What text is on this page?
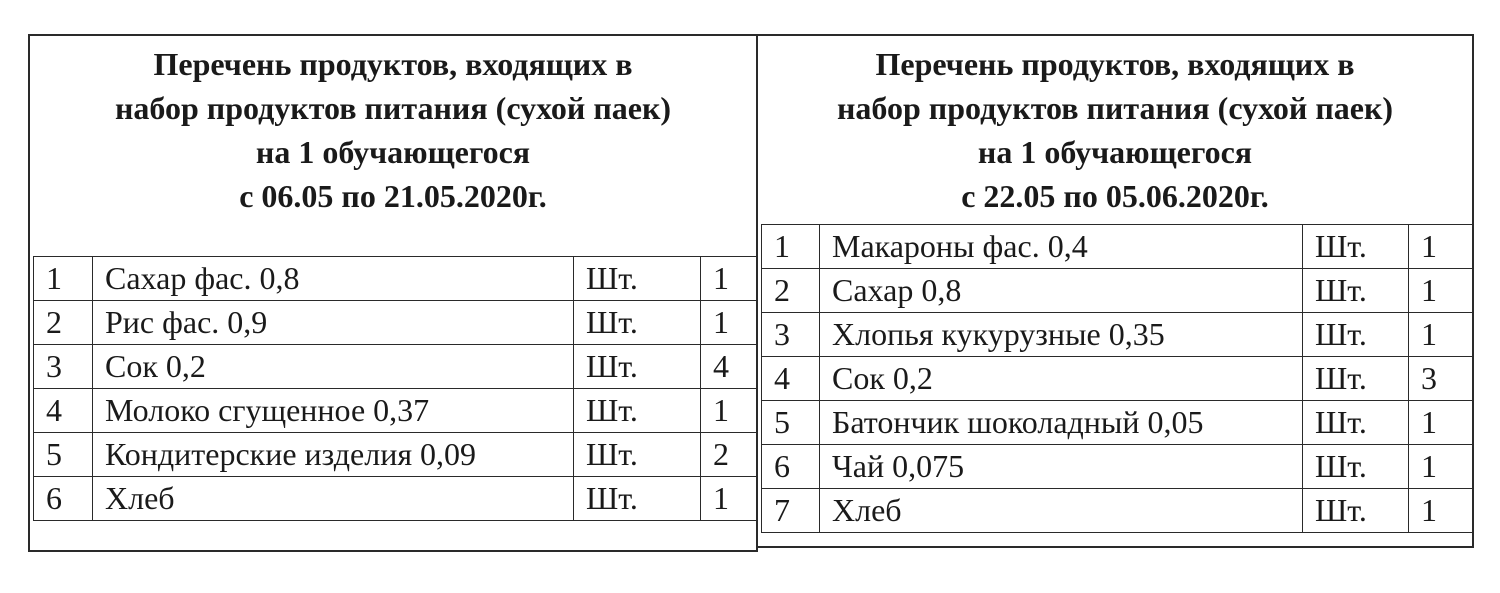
Перечень продуктов, входящих в
набор продуктов питания (сухой паек)
на 1 обучающегося
с 06.05 по 21.05.2020г.
1	Сахар фас. 0,8	Шт.	1
2	Рис фас. 0,9	Шт.	1
3	Сок 0,2	Шт.	4
4	Молоко сгущенное 0,37	Шт.	1
5	Кондитерские изделия 0,09	Шт.	2
6	Хлеб	Шт.	1
Перечень продуктов, входящих в
набор продуктов питания (сухой паек)
на 1 обучающегося
с 22.05 по 05.06.2020г.
1	Макароны фас. 0,4	Шт.	1
2	Сахар 0,8	Шт.	1
3	Хлопья кукурузные 0,35	Шт.	1
4	Сок 0,2	Шт.	3
5	Батончик шоколадный 0,05	Шт.	1
6	Чай 0,075	Шт.	1
7	Хлеб	Шт.	1
